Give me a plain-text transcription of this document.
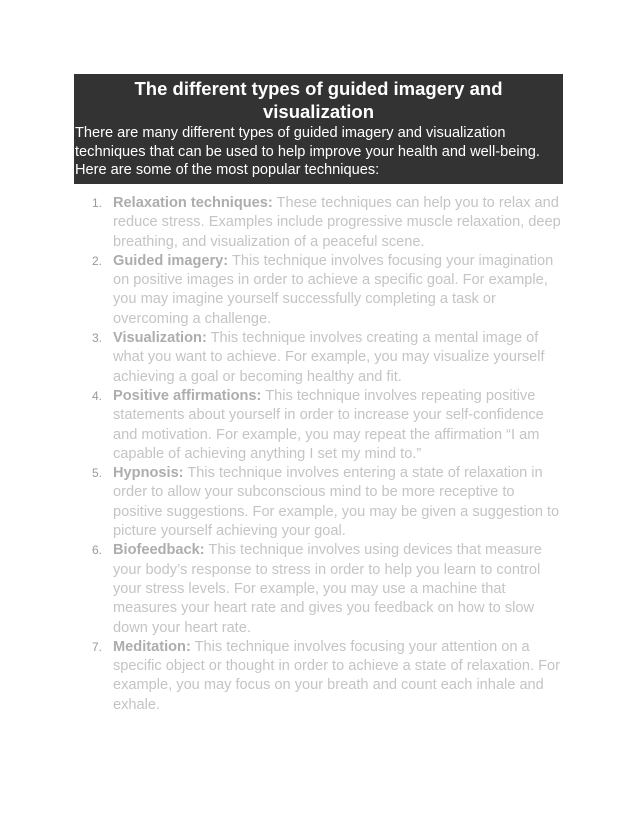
The different types of guided imagery and
visualization

There are many different types of guided imagery and visualization
techniques that can be used to help improve your health and well-being.
Here are some of the most popular techniques:

1. Relaxation techniques: These techniques can help you to relax and
reduce stress. Examples include progressive muscle relaxation, deep
breathing, and visualization of a peaceful scene.
2. Guided imagery: This technique involves focusing your imagination
on positive images in order to achieve a specific goal. For example,
you may imagine yourself successfully completing a task or
overcoming a challenge.
3. Visualization: This technique involves creating a mental image of
what you want to achieve. For example, you may visualize yourself
achieving a goal or becoming healthy and fit.
4. Positive affirmations: This technique involves repeating positive
statements about yourself in order to increase your self-confidence
and motivation. For example, you may repeat the affirmation “I am
capable of achieving anything I set my mind to.”
5. Hypnosis: This technique involves entering a state of relaxation in
order to allow your subconscious mind to be more receptive to
positive suggestions. For example, you may be given a suggestion to
picture yourself achieving your goal.
6. Biofeedback: This technique involves using devices that measure
your body’s response to stress in order to help you learn to control
your stress levels. For example, you may use a machine that
measures your heart rate and gives you feedback on how to slow
down your heart rate.
7. Meditation: This technique involves focusing your attention on a
specific object or thought in order to achieve a state of relaxation. For
example, you may focus on your breath and count each inhale and
exhale.
